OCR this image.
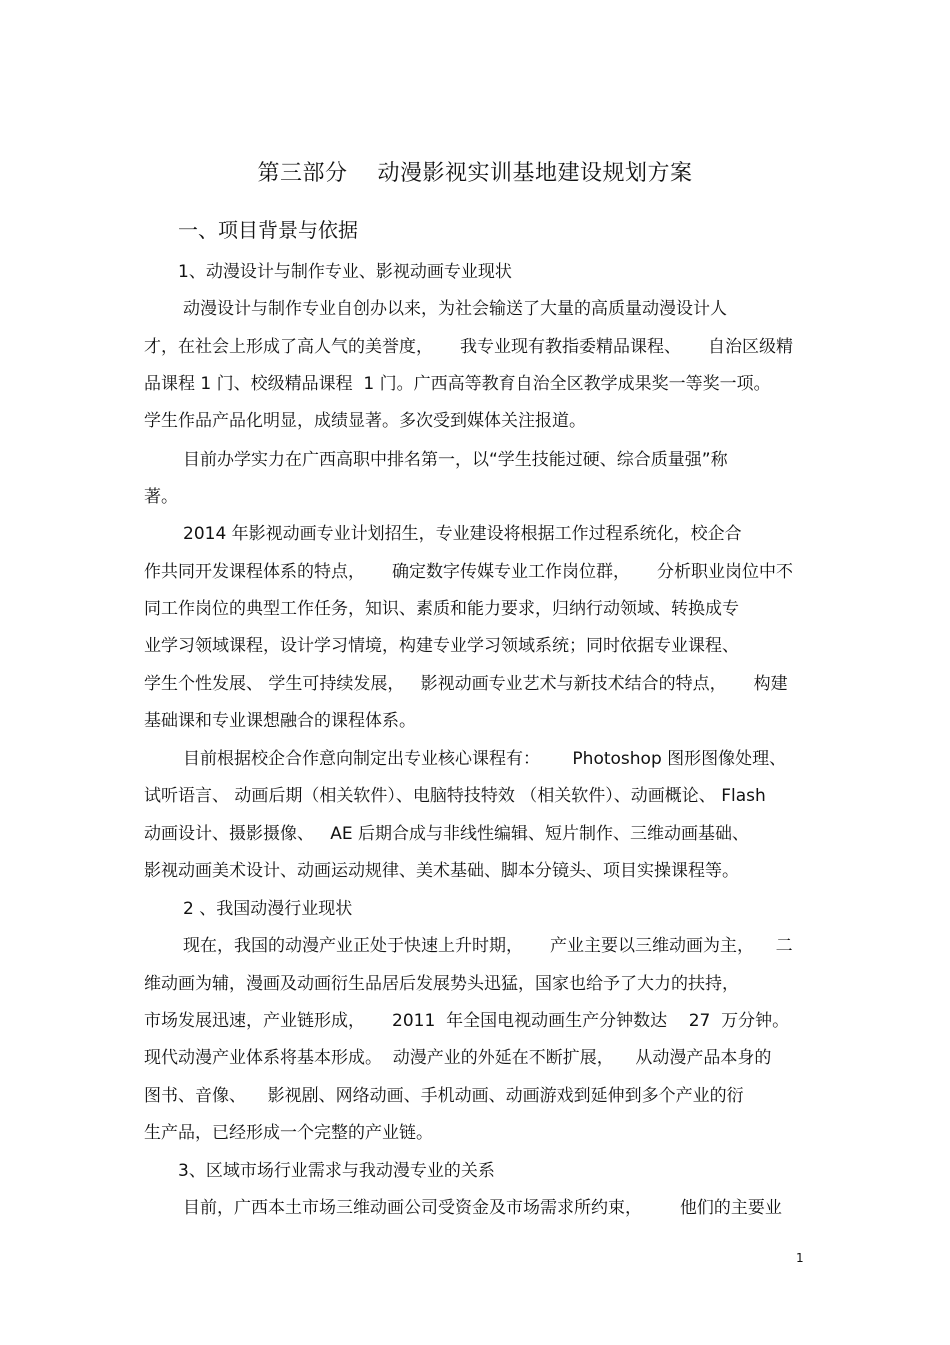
第三部分　 动漫影视实训基地建设规划方案
一、项目背景与依据
1、动漫设计与制作专业、影视动画专业现状
动漫设计与制作专业自创办以来，为社会输送了大量的高质量动漫设计人
才，在社会上形成了高人气的美誉度，     我专业现有教指委精品课程、     自治区级精
品课程 1 门、校级精品课程  1 门。广西高等教育自治全区教学成果奖一等奖一项。
学生作品产品化明显，成绩显著。多次受到媒体关注报道。
目前办学实力在广西高职中排名第一，以“学生技能过硬、综合质量强”称
著。
2014 年影视动画专业计划招生，专业建设将根据工作过程系统化，校企合
作共同开发课程体系的特点，     确定数字传媒专业工作岗位群，     分析职业岗位中不
同工作岗位的典型工作任务，知识、素质和能力要求，归纳行动领域、转换成专
业学习领域课程，设计学习情境，构建专业学习领域系统；同时依据专业课程、
学生个性发展、 学生可持续发展，   影视动画专业艺术与新技术结合的特点，     构建
基础课和专业课想融合的课程体系。
目前根据校企合作意向制定出专业核心课程有：      Photoshop 图形图像处理、
试听语言、 动画后期（相关软件）、电脑特技特效 （相关软件）、动画概论、 Flash
动画设计、摄影摄像、   AE 后期合成与非线性编辑、短片制作、三维动画基础、
影视动画美术设计、动画运动规律、美术基础、脚本分镜头、项目实操课程等。
2 、我国动漫行业现状
现在，我国的动漫产业正处于快速上升时期，     产业主要以三维动画为主，    二
维动画为辅，漫画及动画衍生品居后发展势头迅猛，国家也给予了大力的扶持，
市场发展迅速，产业链形成，     2011  年全国电视动画生产分钟数达    27  万分钟。
现代动漫产业体系将基本形成。  动漫产业的外延在不断扩展，    从动漫产品本身的
图书、音像、    影视剧、网络动画、手机动画、动画游戏到延伸到多个产业的衍
生产品，已经形成一个完整的产业链。
3、区域市场行业需求与我动漫专业的关系
目前，广西本土市场三维动画公司受资金及市场需求所约束，       他们的主要业
1
